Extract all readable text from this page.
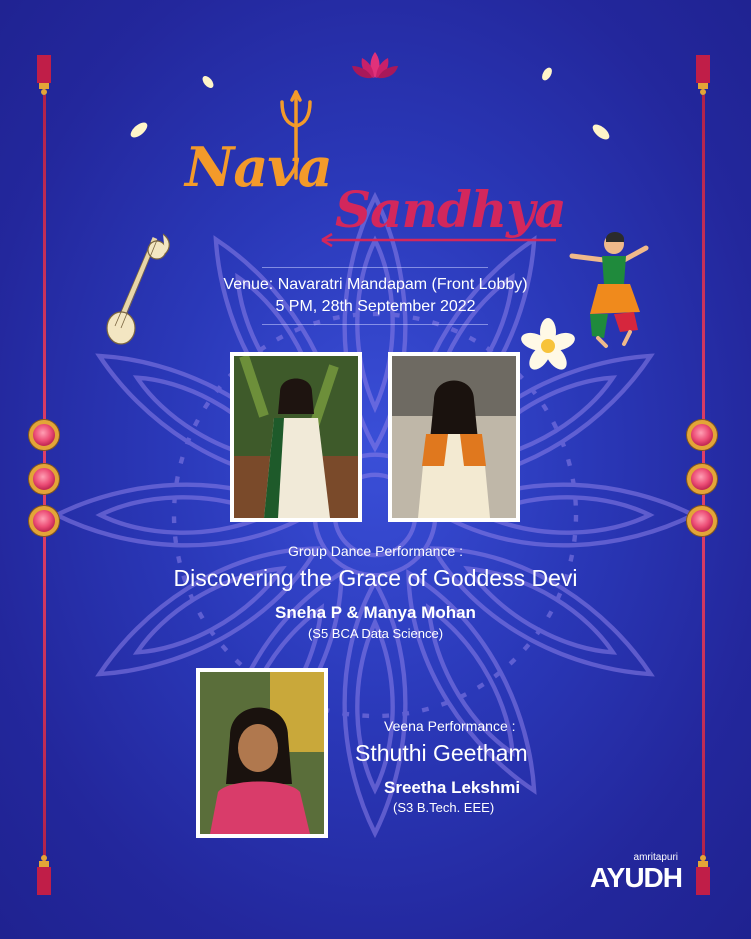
Nava
Sandhya
Venue: Navaratri Mandapam (Front Lobby)
5 PM, 28th September 2022
Group Dance Performance :
Discovering the Grace of Goddess Devi
Sneha P & Manya Mohan
(S5 BCA Data Science)
Veena Performance :
Sthuthi Geetham
Sreetha Lekshmi
(S3 B.Tech. EEE)
amritapuri
AYUDH
